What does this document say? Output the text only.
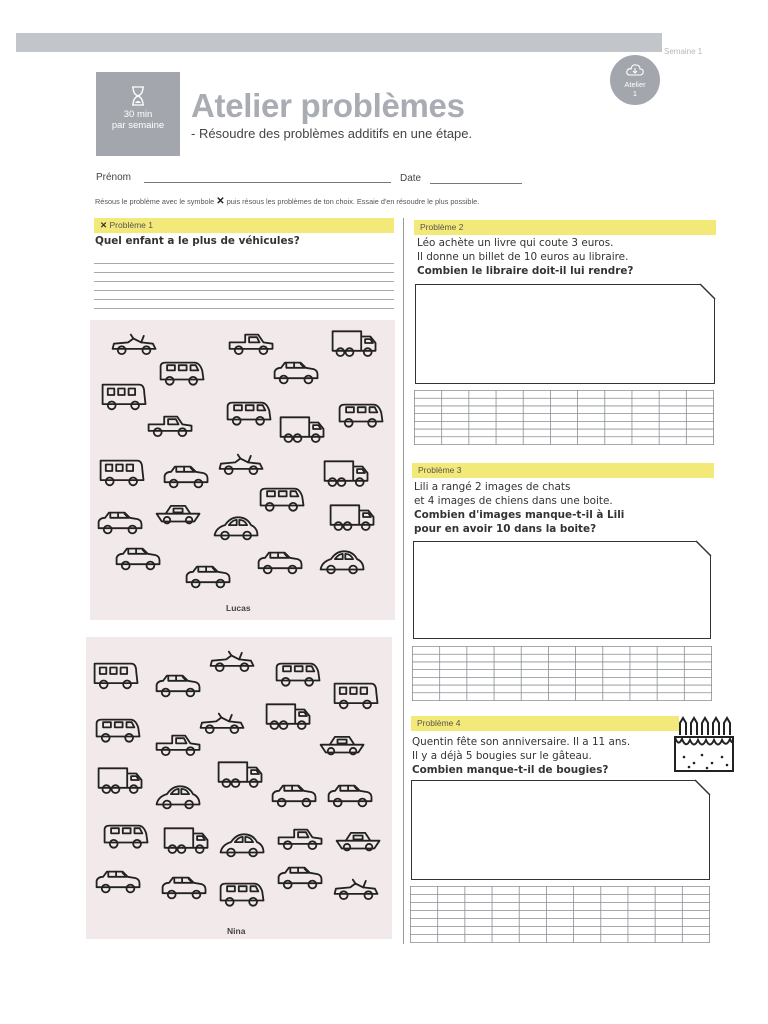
Semaine 1
Atelier
1
30 min
par semaine
Atelier problèmes
- Résoudre des problèmes additifs en une étape.
Prénom	Date
Résous le problème avec le symbole ✕ puis résous les problèmes de ton choix. Essaie d'en résoudre le plus possible.
✕ Problème 1
Quel enfant a le plus de véhicules?
Lucas
Nina
Problème 2
Léo achète un livre qui coute 3 euros.
Il donne un billet de 10 euros au libraire.
Combien le libraire doit-il lui rendre?
Problème 3
Lili a rangé 2 images de chats
et 4 images de chiens dans une boite.
Combien d'images manque-t-il à Lili
pour en avoir 10 dans la boite?
Problème 4
Quentin fête son anniversaire. Il a 11 ans.
Il y a déjà 5 bougies sur le gâteau.
Combien manque-t-il de bougies?
